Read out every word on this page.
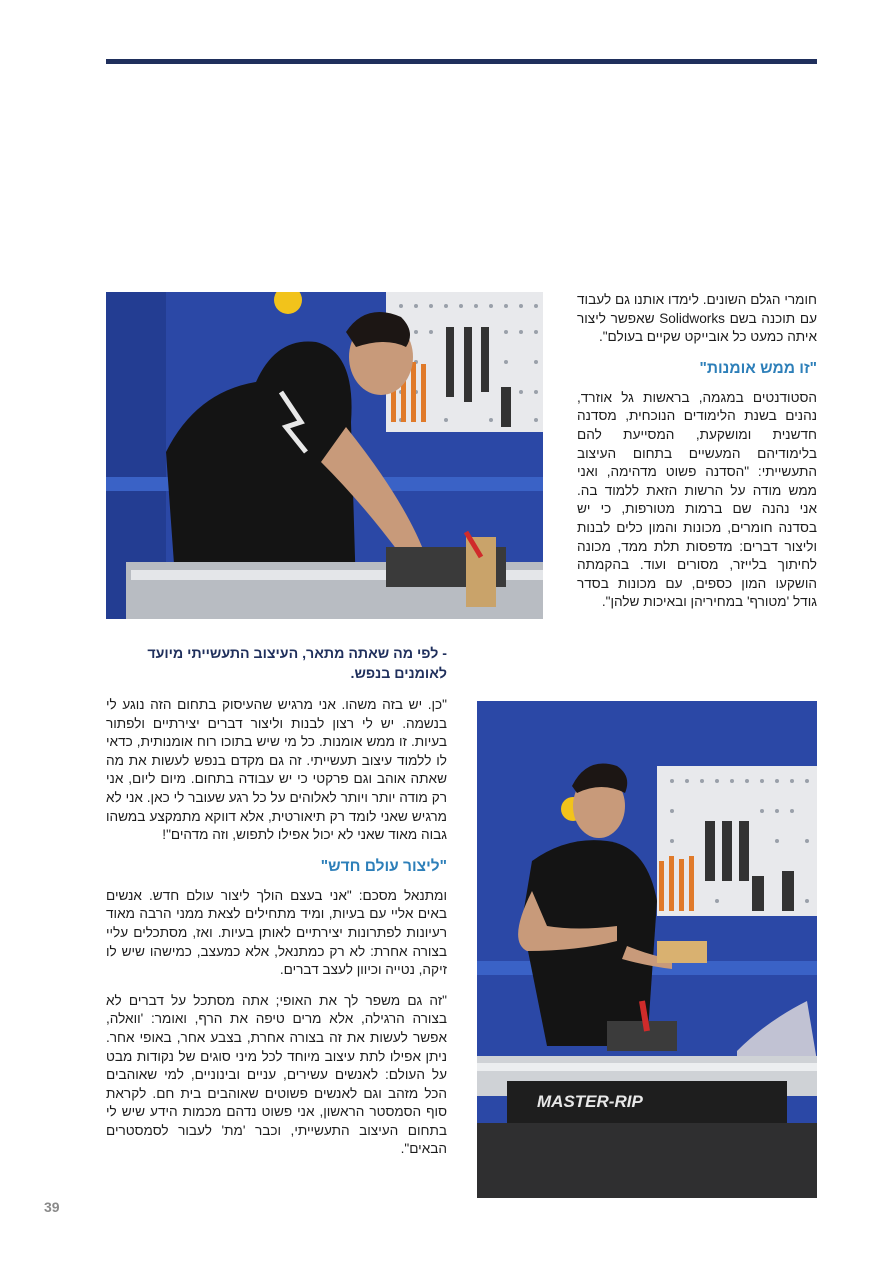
חומרי הגלם השונים. לימדו אותנו גם לעבוד עם תוכנה בשם Solidworks שאפשר ליצור איתה כמעט כל אובייקט שקיים בעולם".

"זו ממש אומנות"

הסטודנטים במגמה, בראשות גל אוזרד, נהנים בשנת הלימודים הנוכחית, מסדנה חדשנית ומושקעת, המסייעת להם בלימודיהם המעשיים בתחום העיצוב התעשייתי: "הסדנה פשוט מדהימה, ואני ממש מודה על הרשות הזאת ללמוד בה. אני נהנה שם ברמות מטורפות, כי יש בסדנה חומרים, מכונות והמון כלים לבנות וליצור דברים: מדפסות תלת ממד, מכונה לחיתוך בלייזר, מסורים ועוד. בהקמתה הושקעו המון כספים, עם מכונות בסדר גודל 'מטורף' במחיריהן ובאיכות שלהן".

- לפי מה שאתה מתאר, העיצוב התעשייתי מיועד לאומנים בנפש.

"כן. יש בזה משהו. אני מרגיש שהעיסוק בתחום הזה נוגע לי בנשמה. יש לי רצון לבנות וליצור דברים יצירתיים ולפתור בעיות. זו ממש אומנות. כל מי שיש בתוכו רוח אומנותית, כדאי לו ללמוד עיצוב תעשייתי. זה גם מקדם בנפש לעשות את מה שאתה אוהב וגם פרקטי כי יש עבודה בתחום. מיום ליום, אני רק מודה יותר ויותר לאלוהים על כל רגע שעובר לי כאן. אני לא מרגיש שאני לומד רק תיאורטית, אלא דווקא מתמקצע במשהו גבוה מאוד שאני לא יכול אפילו לתפוש, וזה מדהים"!

"ליצור עולם חדש"

ומתנאל מסכם: "אני בעצם הולך ליצור עולם חדש. אנשים באים אליי עם בעיות, ומיד מתחילים לצאת ממני הרבה מאוד רעיונות לפתרונות יצירתיים לאותן בעיות. ואז, מסתכלים עליי בצורה אחרת: לא רק כמתנאל, אלא כמעצב, כמישהו שיש לו זיקה, נטייה וכיוון לעצב דברים.

"זה גם משפר לך את האופי; אתה מסתכל על דברים לא בצורה הרגילה, אלא מרים טיפה את הרף, ואומר: 'וואלה, אפשר לעשות את זה בצורה אחרת, בצבע אחר, באופי אחר. ניתן אפילו לתת עיצוב מיוחד לכל מיני סוגים של נקודות מבט על העולם: לאנשים עשירים, עניים ובינוניים, למי שאוהבים הכל מזהב וגם לאנשים פשוטים שאוהבים בית חם. לקראת סוף הסמסטר הראשון, אני פשוט נדהם מכמות הידע שיש לי בתחום העיצוב התעשייתי, וכבר 'מת' לעבור לסמסטרים הבאים".

MASTER-RIP
39
